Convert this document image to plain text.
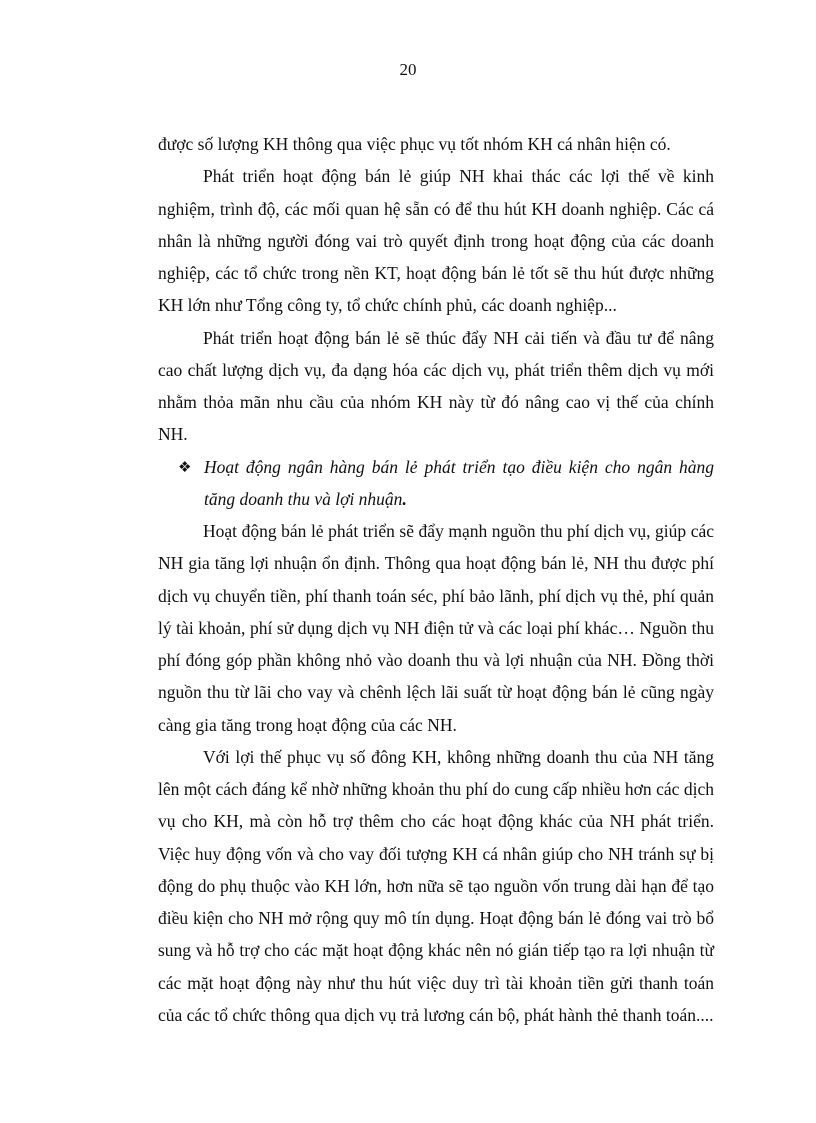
20

được số lượng KH thông qua việc phục vụ tốt nhóm KH cá nhân hiện có.

Phát triển hoạt động bán lẻ giúp NH khai thác các lợi thế về kinh nghiệm, trình độ, các mối quan hệ sẵn có để thu hút KH doanh nghiệp. Các cá nhân là những người đóng vai trò quyết định trong hoạt động của các doanh nghiệp, các tổ chức trong nền KT, hoạt động bán lẻ tốt sẽ thu hút được những KH lớn như Tổng công ty, tổ chức chính phủ, các doanh nghiệp...

Phát triển hoạt động bán lẻ sẽ thúc đẩy NH cải tiến và đầu tư để nâng cao chất lượng dịch vụ, đa dạng hóa các dịch vụ, phát triển thêm dịch vụ mới nhằm thỏa mãn nhu cầu của nhóm KH này từ đó nâng cao vị thế của chính NH.

❖ Hoạt động ngân hàng bán lẻ phát triển tạo điều kiện cho ngân hàng tăng doanh thu và lợi nhuận.

Hoạt động bán lẻ phát triển sẽ đẩy mạnh nguồn thu phí dịch vụ, giúp các NH gia tăng lợi nhuận ổn định. Thông qua hoạt động bán lẻ, NH thu được phí dịch vụ chuyển tiền, phí thanh toán séc, phí bảo lãnh, phí dịch vụ thẻ, phí quản lý tài khoản, phí sử dụng dịch vụ NH điện tử và các loại phí khác… Nguồn thu phí đóng góp phần không nhỏ vào doanh thu và lợi nhuận của NH. Đồng thời nguồn thu từ lãi cho vay và chênh lệch lãi suất từ hoạt động bán lẻ cũng ngày càng gia tăng trong hoạt động của các NH.

Với lợi thế phục vụ số đông KH, không những doanh thu của NH tăng lên một cách đáng kể nhờ những khoản thu phí do cung cấp nhiều hơn các dịch vụ cho KH, mà còn hỗ trợ thêm cho các hoạt động khác của NH phát triển. Việc huy động vốn và cho vay đối tượng KH cá nhân giúp cho NH tránh sự bị động do phụ thuộc vào KH lớn, hơn nữa sẽ tạo nguồn vốn trung dài hạn để tạo điều kiện cho NH mở rộng quy mô tín dụng. Hoạt động bán lẻ đóng vai trò bổ sung và hỗ trợ cho các mặt hoạt động khác nên nó gián tiếp tạo ra lợi nhuận từ các mặt hoạt động này như thu hút việc duy trì tài khoản tiền gửi thanh toán của các tổ chức thông qua dịch vụ trả lương cán bộ, phát hành thẻ thanh toán....
